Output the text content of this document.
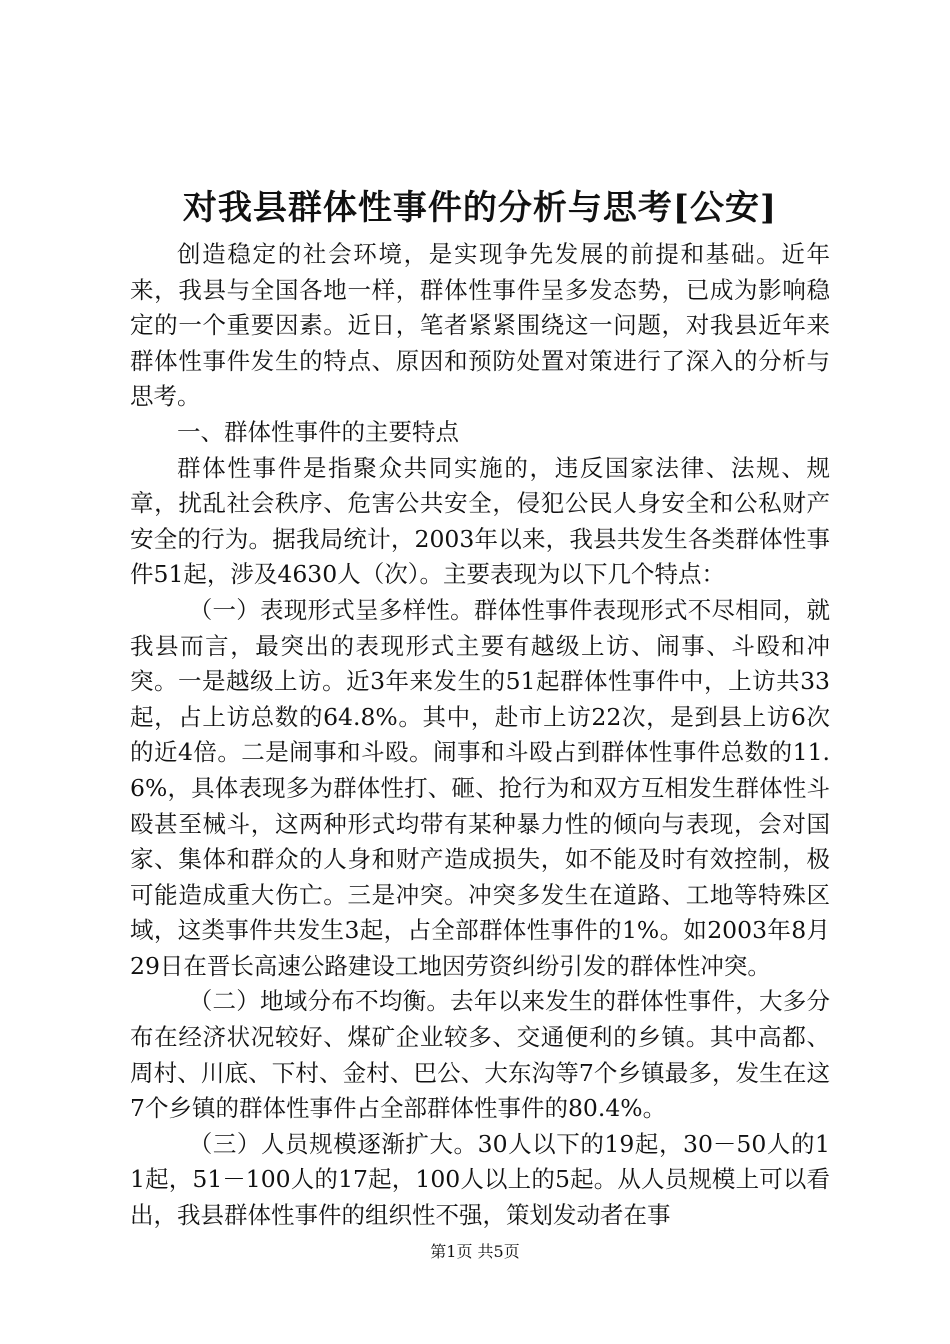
对我县群体性事件的分析与思考[公安]

创造稳定的社会环境，是实现争先发展的前提和基础。近年来，我县与全国各地一样，群体性事件呈多发态势，已成为影响稳定的一个重要因素。近日，笔者紧紧围绕这一问题，对我县近年来群体性事件发生的特点、原因和预防处置对策进行了深入的分析与思考。

一、群体性事件的主要特点

群体性事件是指聚众共同实施的，违反国家法律、法规、规章，扰乱社会秩序、危害公共安全，侵犯公民人身安全和公私财产安全的行为。据我局统计，2003年以来，我县共发生各类群体性事件51起，涉及4630人（次）。主要表现为以下几个特点：

（一）表现形式呈多样性。群体性事件表现形式不尽相同，就我县而言，最突出的表现形式主要有越级上访、闹事、斗殴和冲突。一是越级上访。近3年来发生的51起群体性事件中，上访共33起，占上访总数的64.8%。其中，赴市上访22次，是到县上访6次的近4倍。二是闹事和斗殴。闹事和斗殴占到群体性事件总数的11.6%，具体表现多为群体性打、砸、抢行为和双方互相发生群体性斗殴甚至械斗，这两种形式均带有某种暴力性的倾向与表现，会对国家、集体和群众的人身和财产造成损失，如不能及时有效控制，极可能造成重大伤亡。三是冲突。冲突多发生在道路、工地等特殊区域，这类事件共发生3起，占全部群体性事件的1%。如2003年8月29日在晋长高速公路建设工地因劳资纠纷引发的群体性冲突。

（二）地域分布不均衡。去年以来发生的群体性事件，大多分布在经济状况较好、煤矿企业较多、交通便利的乡镇。其中高都、周村、川底、下村、金村、巴公、大东沟等7个乡镇最多，发生在这7个乡镇的群体性事件占全部群体性事件的80.4%。

（三）人员规模逐渐扩大。30人以下的19起，30－50人的11起，51－100人的17起，100人以上的5起。从人员规模上可以看出，我县群体性事件的组织性不强，策划发动者在事

第1页 共5页
